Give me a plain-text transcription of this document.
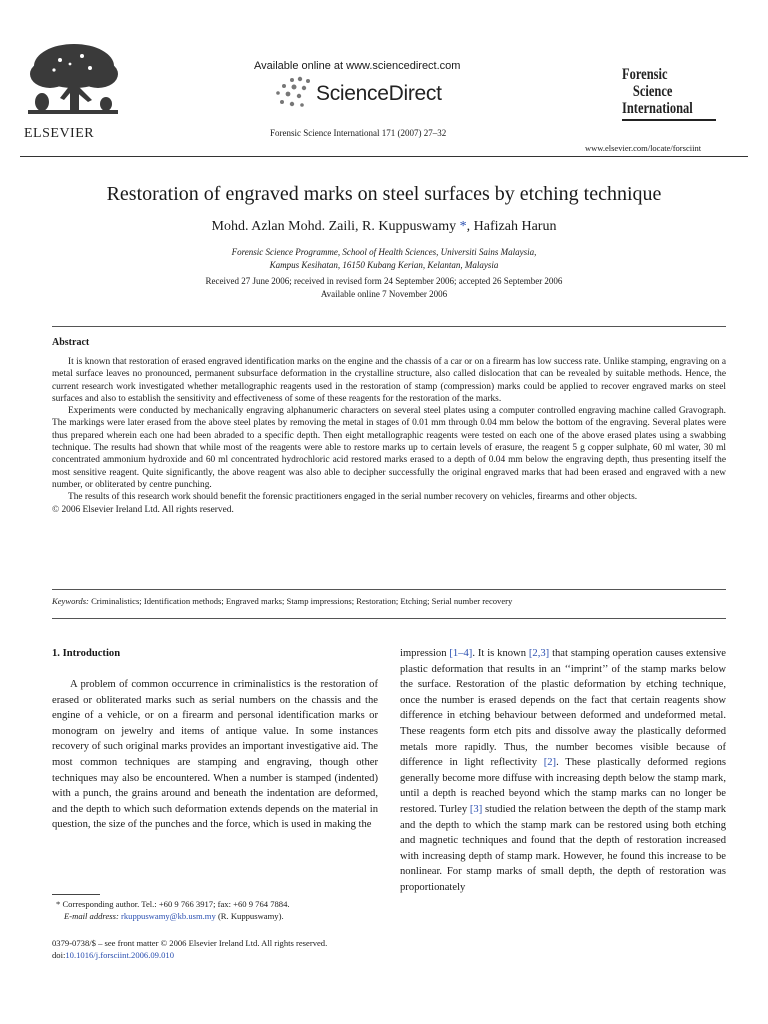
ELSEVIER
Available online at www.sciencedirect.com
ScienceDirect
Forensic Science International 171 (2007) 27–32
Forensic
Science
International
www.elsevier.com/locate/forsciint
Restoration of engraved marks on steel surfaces by etching technique
Mohd. Azlan Mohd. Zaili, R. Kuppuswamy *, Hafizah Harun
Forensic Science Programme, School of Health Sciences, Universiti Sains Malaysia,
Kampus Kesihatan, 16150 Kubang Kerian, Kelantan, Malaysia
Received 27 June 2006; received in revised form 24 September 2006; accepted 26 September 2006
Available online 7 November 2006
Abstract

It is known that restoration of erased engraved identification marks on the engine and the chassis of a car or on a firearm has low success rate. Unlike stamping, engraving on a metal surface leaves no pronounced, permanent subsurface deformation in the crystalline structure, also called dislocation that can be revealed by suitable methods. Hence, the current research work investigated whether metallographic reagents used in the restoration of stamp (compression) marks could be applied to recover engraved marks on steel surfaces and also to establish the sensitivity and effectiveness of some of these reagents for the restoration of the marks.

Experiments were conducted by mechanically engraving alphanumeric characters on several steel plates using a computer controlled engraving machine called Gravograph. The markings were later erased from the above steel plates by removing the metal in stages of 0.01 mm through 0.04 mm below the bottom of the engraving. Several plates were thus prepared wherein each one had been abraded to a specific depth. Then eight metallographic reagents were tested on each one of the above erased plates using a swabbing technique. The results had shown that while most of the reagents were able to restore marks up to certain levels of erasure, the reagent 5 g copper sulphate, 60 ml water, 30 ml concentrated ammonium hydroxide and 60 ml concentrated hydrochloric acid restored marks erased to a depth of 0.04 mm below the engraving depth, thus presenting itself the most sensitive reagent. Quite significantly, the above reagent was also able to decipher successfully the original engraved marks that had been erased and engraved with a new number, or obliterated by centre punching.

The results of this research work should benefit the forensic practitioners engaged in the serial number recovery on vehicles, firearms and other objects.

© 2006 Elsevier Ireland Ltd. All rights reserved.

Keywords: Criminalistics; Identification methods; Engraved marks; Stamp impressions; Restoration; Etching; Serial number recovery
1. Introduction

A problem of common occurrence in criminalistics is the restoration of erased or obliterated marks such as serial numbers on the chassis and the engine of a vehicle, or on a firearm and personal identification marks or monogram on jewelry and items of antique value. In some instances recovery of such original marks provides an important investigative aid. The most common techniques are stamping and engraving, though other techniques may also be encountered. When a number is stamped (indented) with a punch, the grains around and beneath the indentation are deformed, and the depth to which such deformation extends depends on the material in question, the size of the punches and the force, which is used in making the

impression [1–4]. It is known [2,3] that stamping operation causes extensive plastic deformation that results in an ‘‘imprint’’ of the stamp marks below the surface. Restoration of the plastic deformation by etching technique, once the number is erased depends on the fact that certain reagents show difference in etching behaviour between deformed and undeformed metal. These reagents form etch pits and dissolve away the plastically deformed metals more rapidly. Thus, the number becomes visible because of difference in light reflectivity [2]. These plastically deformed regions generally become more diffuse with increasing depth below the stamp mark, until a depth is reached beyond which the stamp marks can no longer be restored. Turley [3] studied the relation between the depth of the stamp mark and the depth to which the stamp mark can be restored using both etching and magnetic techniques and found that the depth of restoration increased with increasing depth of stamp mark. However, he found this increase to be nonlinear. For stamp marks of small depth, the depth of restoration was proportionately

* Corresponding author. Tel.: +60 9 766 3917; fax: +60 9 764 7884.
E-mail address: rkuppuswamy@kb.usm.my (R. Kuppuswamy).
0379-0738/$ – see front matter © 2006 Elsevier Ireland Ltd. All rights reserved.
doi:10.1016/j.forsciint.2006.09.010
